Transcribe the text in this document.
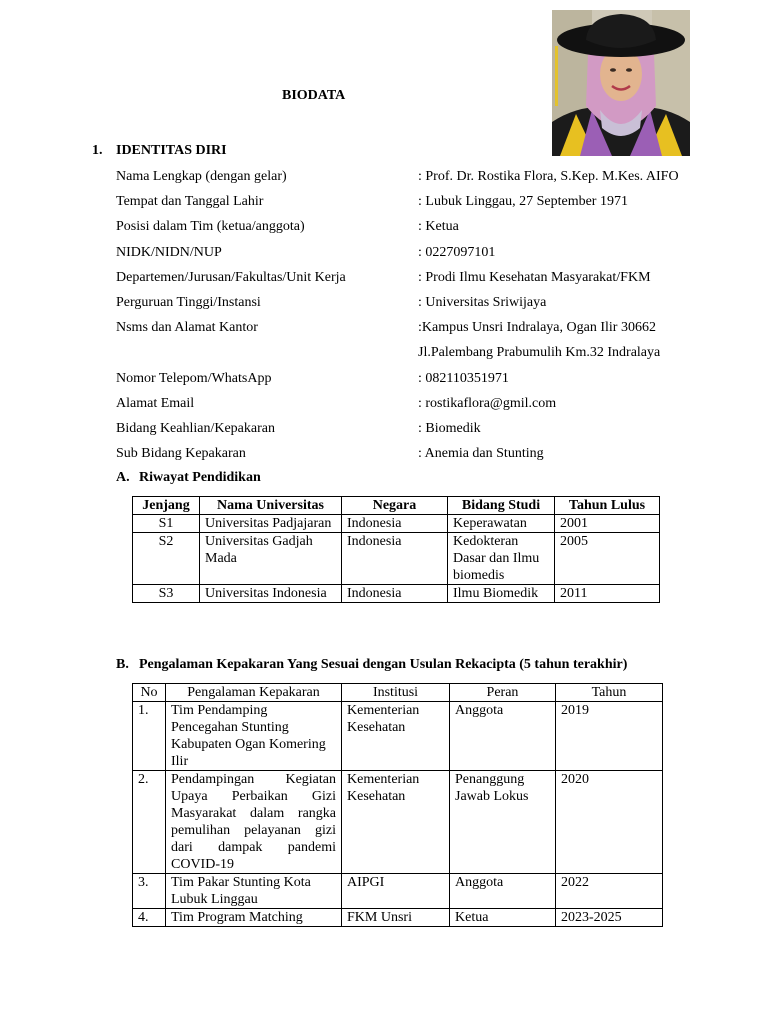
BIODATA
1. IDENTITAS DIRI
Nama Lengkap (dengan gelar)	: Prof. Dr. Rostika Flora, S.Kep. M.Kes. AIFO
Tempat dan Tanggal Lahir	: Lubuk Linggau, 27 September 1971
Posisi dalam Tim (ketua/anggota)	: Ketua
NIDK/NIDN/NUP	: 0227097101
Departemen/Jurusan/Fakultas/Unit Kerja	: Prodi Ilmu Kesehatan Masyarakat/FKM
Perguruan Tinggi/Instansi	: Universitas Sriwijaya
Nsms dan Alamat Kantor	:Kampus Unsri Indralaya, Ogan Ilir 30662
Jl.Palembang Prabumulih Km.32 Indralaya
Nomor Telepom/WhatsApp	: 082110351971
Alamat Email	: rostikaflora@gmil.com
Bidang Keahlian/Kepakaran	: Biomedik
Sub Bidang Kepakaran	: Anemia dan Stunting
A. Riwayat Pendidikan
Jenjang	Nama Universitas	Negara	Bidang Studi	Tahun Lulus
S1	Universitas Padjajaran	Indonesia	Keperawatan	2001
S2	Universitas Gadjah Mada	Indonesia	Kedokteran Dasar dan Ilmu biomedis	2005
S3	Universitas Indonesia	Indonesia	Ilmu Biomedik	2011
B. Pengalaman Kepakaran Yang Sesuai dengan Usulan Rekacipta (5 tahun terakhir)
No	Pengalaman Kepakaran	Institusi	Peran	Tahun
1.	Tim Pendamping Pencegahan Stunting Kabupaten Ogan Komering Ilir	Kementerian Kesehatan	Anggota	2019
2.	Pendampingan Kegiatan Upaya Perbaikan Gizi Masyarakat dalam rangka pemulihan pelayanan gizi dari dampak pandemi COVID-19	Kementerian Kesehatan	Penanggung Jawab Lokus	2020
3.	Tim Pakar Stunting Kota Lubuk Linggau	AIPGI	Anggota	2022
4.	Tim Program Matching	FKM Unsri	Ketua	2023-2025
